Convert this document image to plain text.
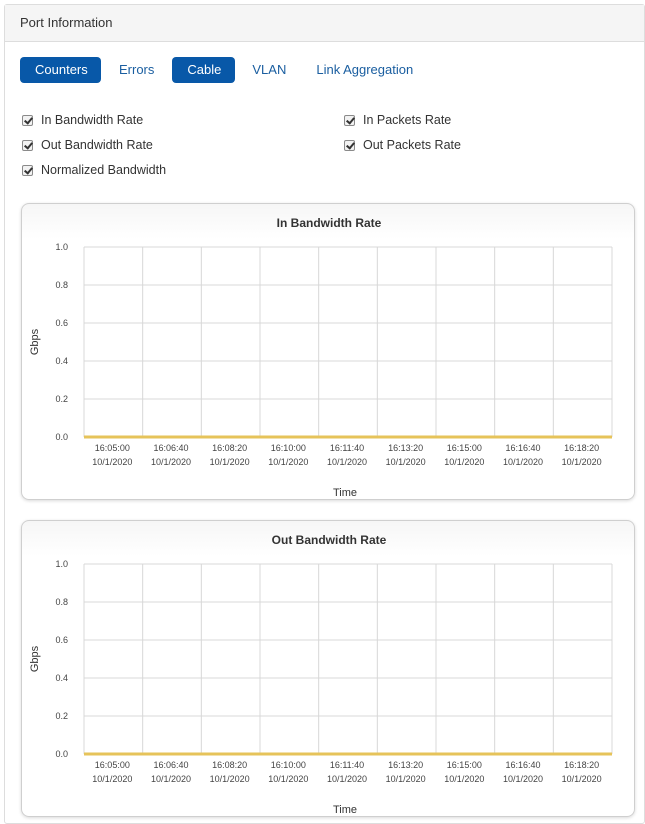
Port Information
Counters	Errors	Cable	VLAN	Link Aggregation
In Bandwidth Rate
Out Bandwidth Rate
Normalized Bandwidth
In Packets Rate
Out Packets Rate
In Bandwidth Rate
0.0
0.2
0.4
0.6
0.8
1.0
16:05:00
10/1/2020
16:06:40
10/1/2020
16:08:20
10/1/2020
16:10:00
10/1/2020
16:11:40
10/1/2020
16:13:20
10/1/2020
16:15:00
10/1/2020
16:16:40
10/1/2020
16:18:20
10/1/2020
Gbps
Time
Out Bandwidth Rate
0.0
0.2
0.4
0.6
0.8
1.0
16:05:00
10/1/2020
16:06:40
10/1/2020
16:08:20
10/1/2020
16:10:00
10/1/2020
16:11:40
10/1/2020
16:13:20
10/1/2020
16:15:00
10/1/2020
16:16:40
10/1/2020
16:18:20
10/1/2020
Gbps
Time
